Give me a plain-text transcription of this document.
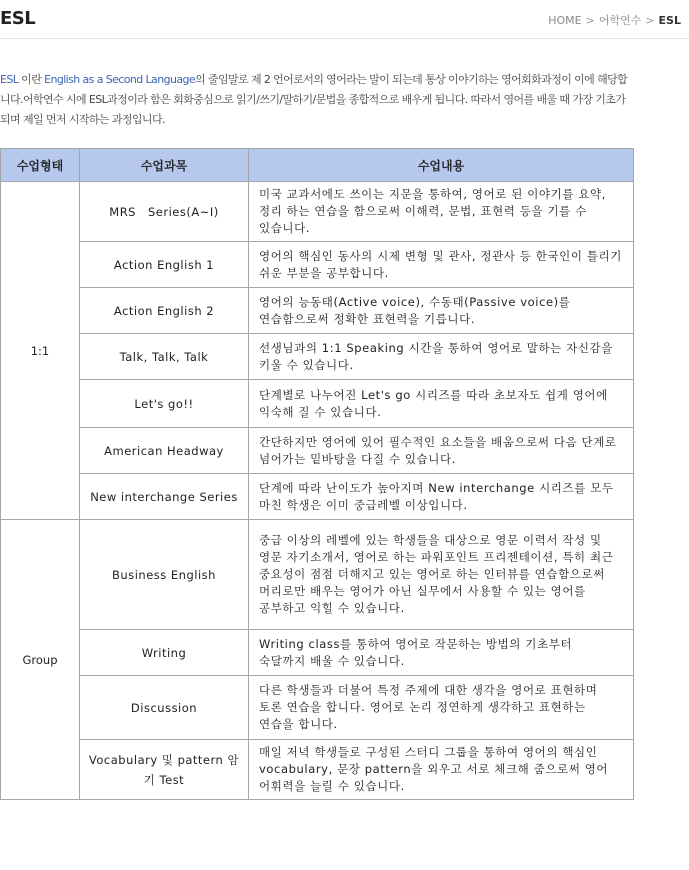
ESL	HOME > 어학연수 > ESL
ESL 이란 English as a Second Language의 줄임말로 제 2 언어로서의 영어라는 말이 되는데 통상 이야기하는 영어회화과정이 이에 해당합니다.어학연수 시에 ESL과정이라 함은 회화중심으로 읽기/쓰기/말하기/문법을 종합적으로 배우게 됩니다. 따라서 영어를 배울 때 가장 기초가 되며 제일 먼저 시작하는 과정입니다.
수업형태	수업과목	수업내용
1:1	MRS　Series(A~I)	미국 교과서에도 쓰이는 지문을 통하여, 영어로 된 이야기를 요약, 정리 하는 연습을 함으로써 이해력, 문법, 표현력 등을 기를 수 있습니다.
	Action English 1	영어의 핵심인 동사의 시제 변형 및 관사, 정관사 등 한국인이 틀리기 쉬운 부분을 공부합니다.
	Action English 2	영어의 능동태(Active voice), 수동태(Passive voice)를 연습함으로써 정확한 표현력을 기릅니다.
	Talk, Talk, Talk	선생님과의 1:1 Speaking 시간을 통하여 영어로 말하는 자신감을 키울 수 있습니다.
	Let's go!!	단계별로 나누어진 Let's go 시리즈를 따라 초보자도 쉽게 영어에 익숙해 질 수 있습니다.
	American Headway	간단하지만 영어에 있어 필수적인 요소들을 배움으로써 다음 단계로 넘어가는 밑바탕을 다질 수 있습니다.
	New interchange Series	단계에 따라 난이도가 높아지며 New interchange 시리즈를 모두 마친 학생은 이미 중급레벨 이상입니다.
Group	Business English	중급 이상의 레벨에 있는 학생들을 대상으로 영문 이력서 작성 및 영문 자기소개서, 영어로 하는 파워포인트 프리젠테이션, 특히 최근 중요성이 점점 더해지고 있는 영어로 하는 인터뷰를 연습함으로써 머리로만 배우는 영어가 아닌 실무에서 사용할 수 있는 영어를 공부하고 익힐 수 있습니다.
	Writing	Writing class를 통하여 영어로 작문하는 방법의 기초부터 숙달까지 배울 수 있습니다.
	Discussion	다른 학생들과 더불어 특정 주제에 대한 생각을 영어로 표현하며 토론 연습을 합니다. 영어로 논리 정연하게 생각하고 표현하는 연습을 합니다.
	Vocabulary 및 pattern 암기 Test	매일 저녁 학생들로 구성된 스터디 그룹을 통하여 영어의 핵심인 vocabulary, 문장 pattern을 외우고 서로 체크해 줌으로써 영어 어휘력을 늘릴 수 있습니다.
